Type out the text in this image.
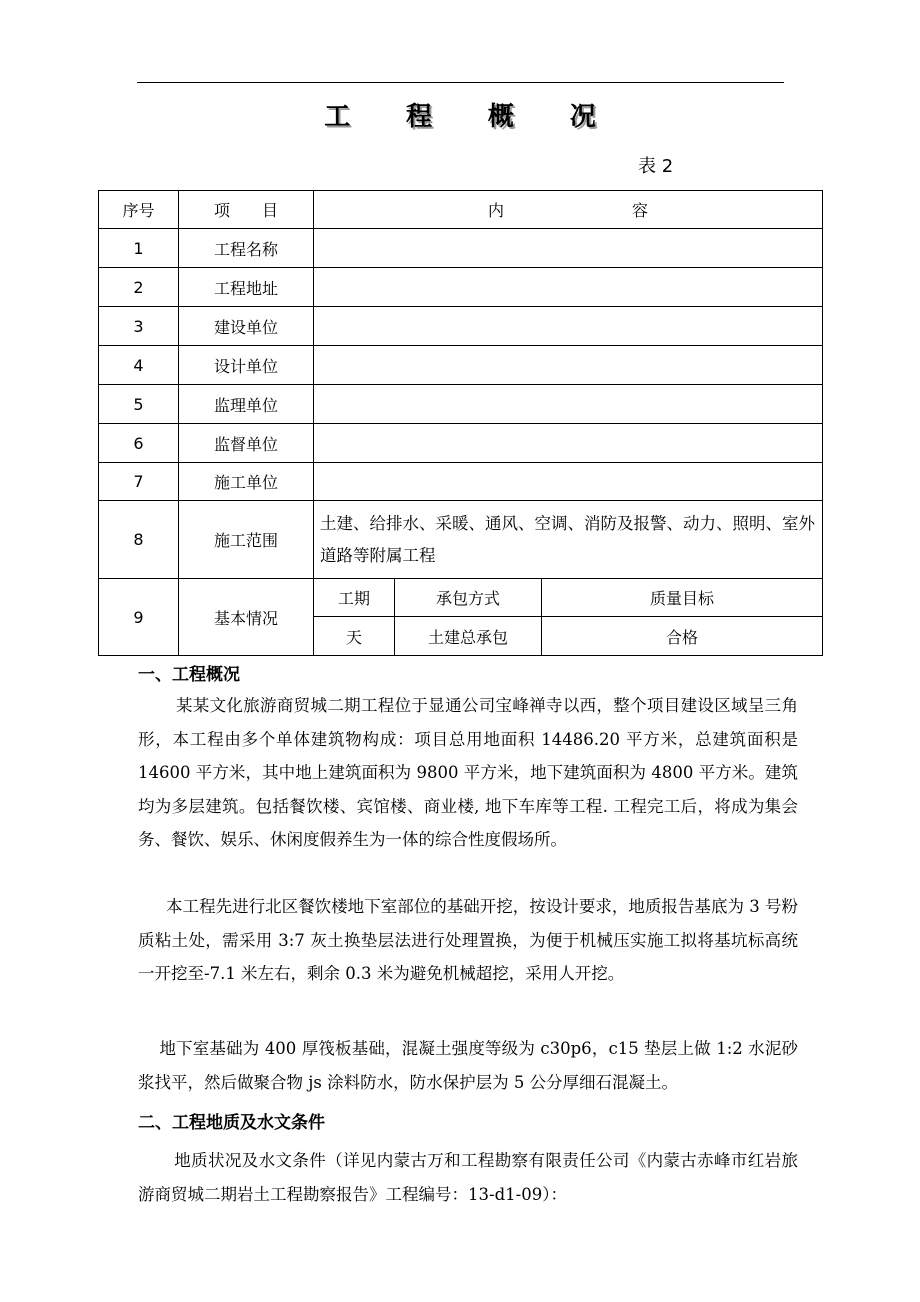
工 程 概 况
表 2
序号	项　　目	内　　　　　　　　容		
1	工程名称			
2	工程地址			
3	建设单位			
4	设计单位			
5	监理单位			
6	监督单位			
7	施工单位			
8	施工范围	土建、给排水、采暖、通风、空调、消防及报警、动力、照明、室外道路等附属工程		
9	基本情况	工期	承包方式	质量目标
		天	土建总承包	合格
一、工程概况
某某文化旅游商贸城二期工程位于显通公司宝峰禅寺以西，整个项目建设区域呈三角形，本工程由多个单体建筑物构成：项目总用地面积 14486.20 平方米，总建筑面积是 14600 平方米，其中地上建筑面积为 9800 平方米，地下建筑面积为 4800 平方米。建筑均为多层建筑。包括餐饮楼、宾馆楼、商业楼, 地下车库等工程. 工程完工后，将成为集会务、餐饮、娱乐、休闲度假养生为一体的综合性度假场所。
本工程先进行北区餐饮楼地下室部位的基础开挖，按设计要求，地质报告基底为 3 号粉质粘土处，需采用 3:7 灰土换垫层法进行处理置换，为便于机械压实施工拟将基坑标高统一开挖至-7.1 米左右，剩余 0.3 米为避免机械超挖，采用人开挖。
地下室基础为 400 厚筏板基础，混凝土强度等级为 c30p6，c15 垫层上做 1:2 水泥砂浆找平，然后做聚合物 js 涂料防水，防水保护层为 5 公分厚细石混凝土。
二、工程地质及水文条件
地质状况及水文条件（详见内蒙古万和工程勘察有限责任公司《内蒙古赤峰市红岩旅游商贸城二期岩土工程勘察报告》工程编号：13-d1-09）：
